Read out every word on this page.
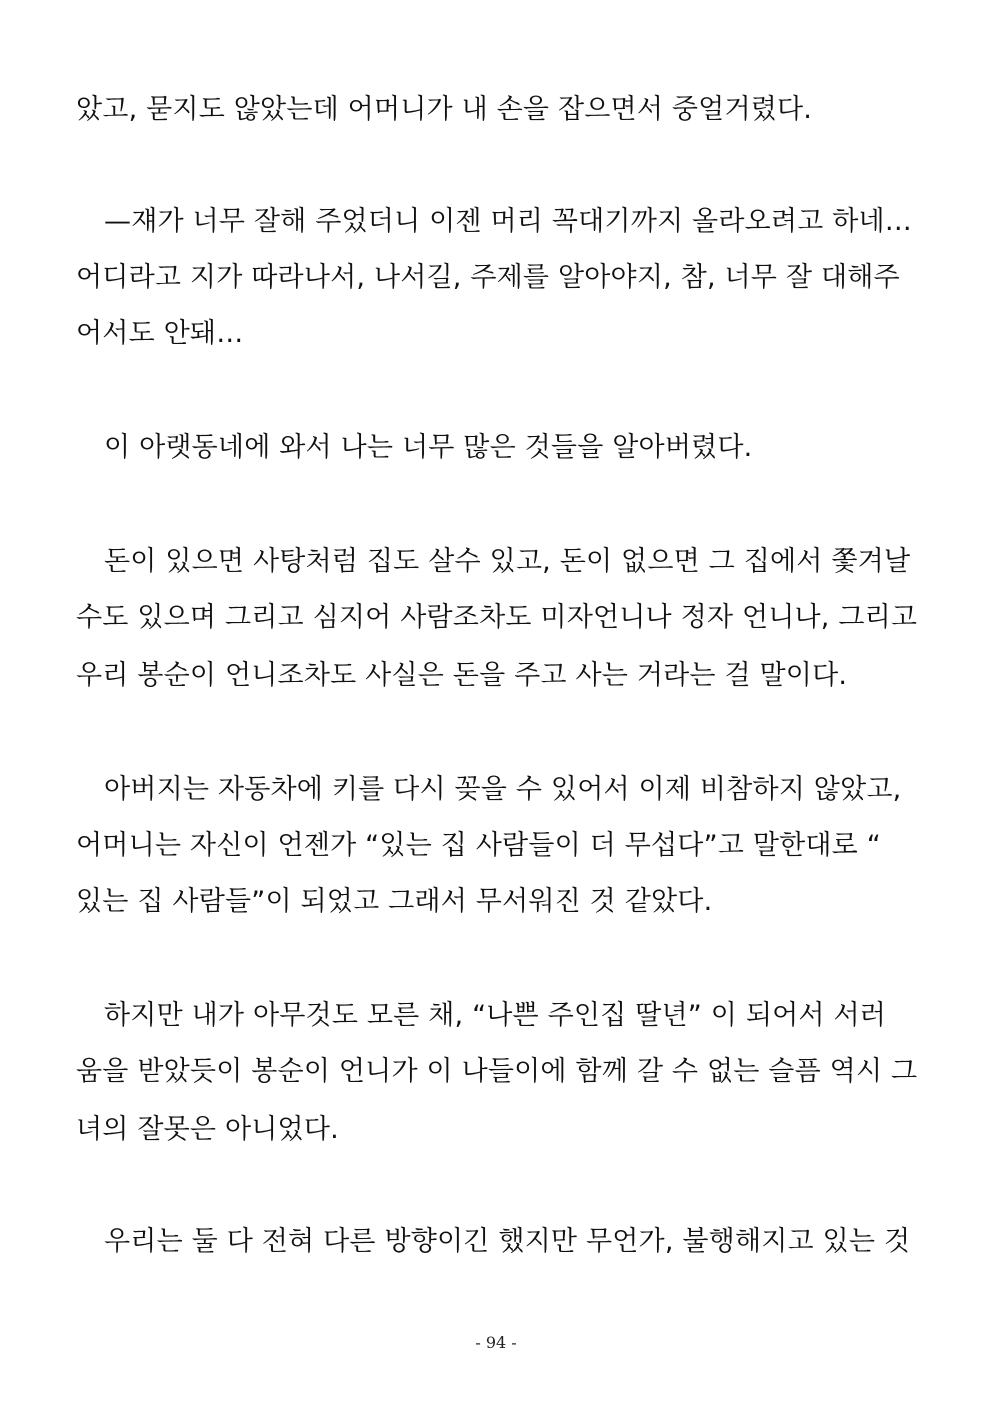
았고, 묻지도 않았는데 어머니가 내 손을 잡으면서 중얼거렸다.
—쟤가 너무 잘해 주었더니 이젠 머리 꼭대기까지 올라오려고 하네…
어디라고 지가 따라나서, 나서길, 주제를 알아야지, 참, 너무 잘 대해주
어서도 안돼…
이 아랫동네에 와서 나는 너무 많은 것들을 알아버렸다.
돈이 있으면 사탕처럼 집도 살수 있고, 돈이 없으면 그 집에서 쫓겨날
수도 있으며 그리고 심지어 사람조차도 미자언니나 정자 언니나, 그리고
우리 봉순이 언니조차도 사실은 돈을 주고 사는 거라는 걸 말이다.
아버지는 자동차에 키를 다시 꽂을 수 있어서 이제 비참하지 않았고,
어머니는 자신이 언젠가 “있는 집 사람들이 더 무섭다”고 말한대로 “
있는 집 사람들”이 되었고 그래서 무서워진 것 같았다.
하지만 내가 아무것도 모른 채, “나쁜 주인집 딸년” 이 되어서 서러
움을 받았듯이 봉순이 언니가 이 나들이에 함께 갈 수 없는 슬픔 역시 그
녀의 잘못은 아니었다.
우리는 둘 다 전혀 다른 방향이긴 했지만 무언가, 불행해지고 있는 것
- 94 -
